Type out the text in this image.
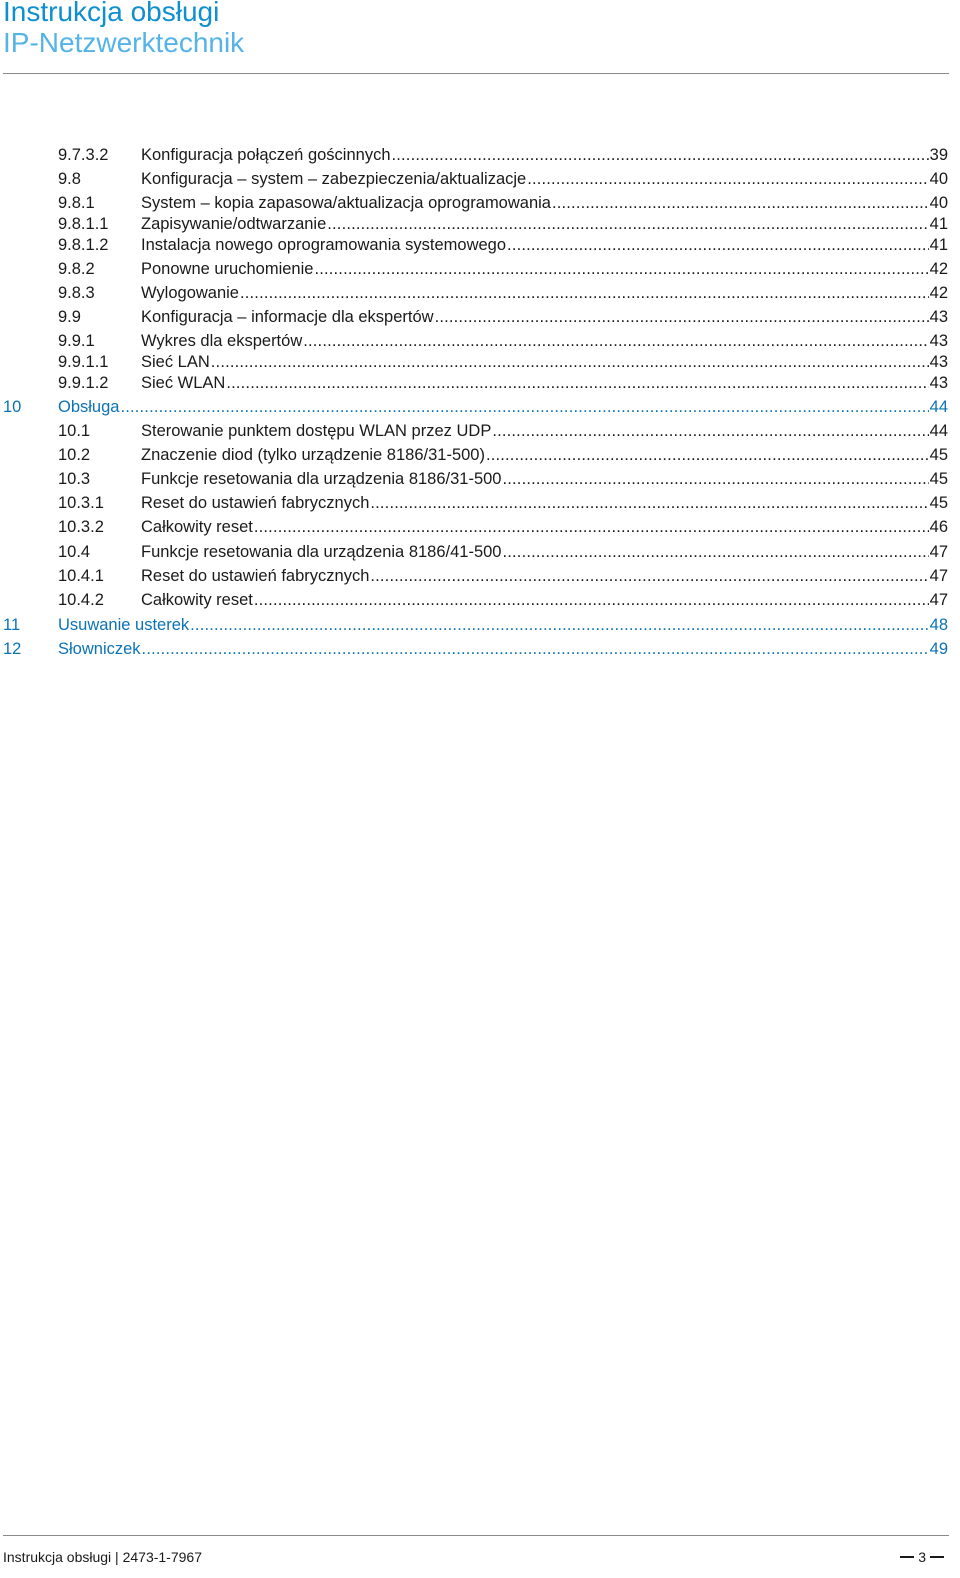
Instrukcja obsługi
IP-Netzwerktechnik
9.7.3.2 Konfiguracja połączeń gościnnych . . .	39
9.8	Konfiguracja – system – zabezpieczenia/aktualizacje . . .	40
9.8.1	System – kopia zapasowa/aktualizacja oprogramowania . . .	40
9.8.1.1 Zapisywanie/odtwarzanie . . .	41
9.8.1.2 Instalacja nowego oprogramowania systemowego . . .	41
9.8.2	Ponowne uruchomienie . . .	42
9.8.3	Wylogowanie . . .	42
9.9	Konfiguracja – informacje dla ekspertów . . .	43
9.9.1	Wykres dla ekspertów . . .	43
9.9.1.1 Sieć LAN . . .	43
9.9.1.2 Sieć WLAN . . .	43
10 Obsługa . . .	44
10.1	Sterowanie punktem dostępu WLAN przez UDP . . .	44
10.2	Znaczenie diod (tylko urządzenie 8186/31-500) . . .	45
10.3	Funkcje resetowania dla urządzenia 8186/31-500 . . .	45
10.3.1 Reset do ustawień fabrycznych . . .	45
10.3.2 Całkowity reset . . .	46
10.4	Funkcje resetowania dla urządzenia 8186/41-500 . . .	47
10.4.1 Reset do ustawień fabrycznych . . .	47
10.4.2 Całkowity reset . . .	47
11 Usuwanie usterek . . .	48
12 Słowniczek . . .	49
Instrukcja obsługi | 2473-1-7967	3
